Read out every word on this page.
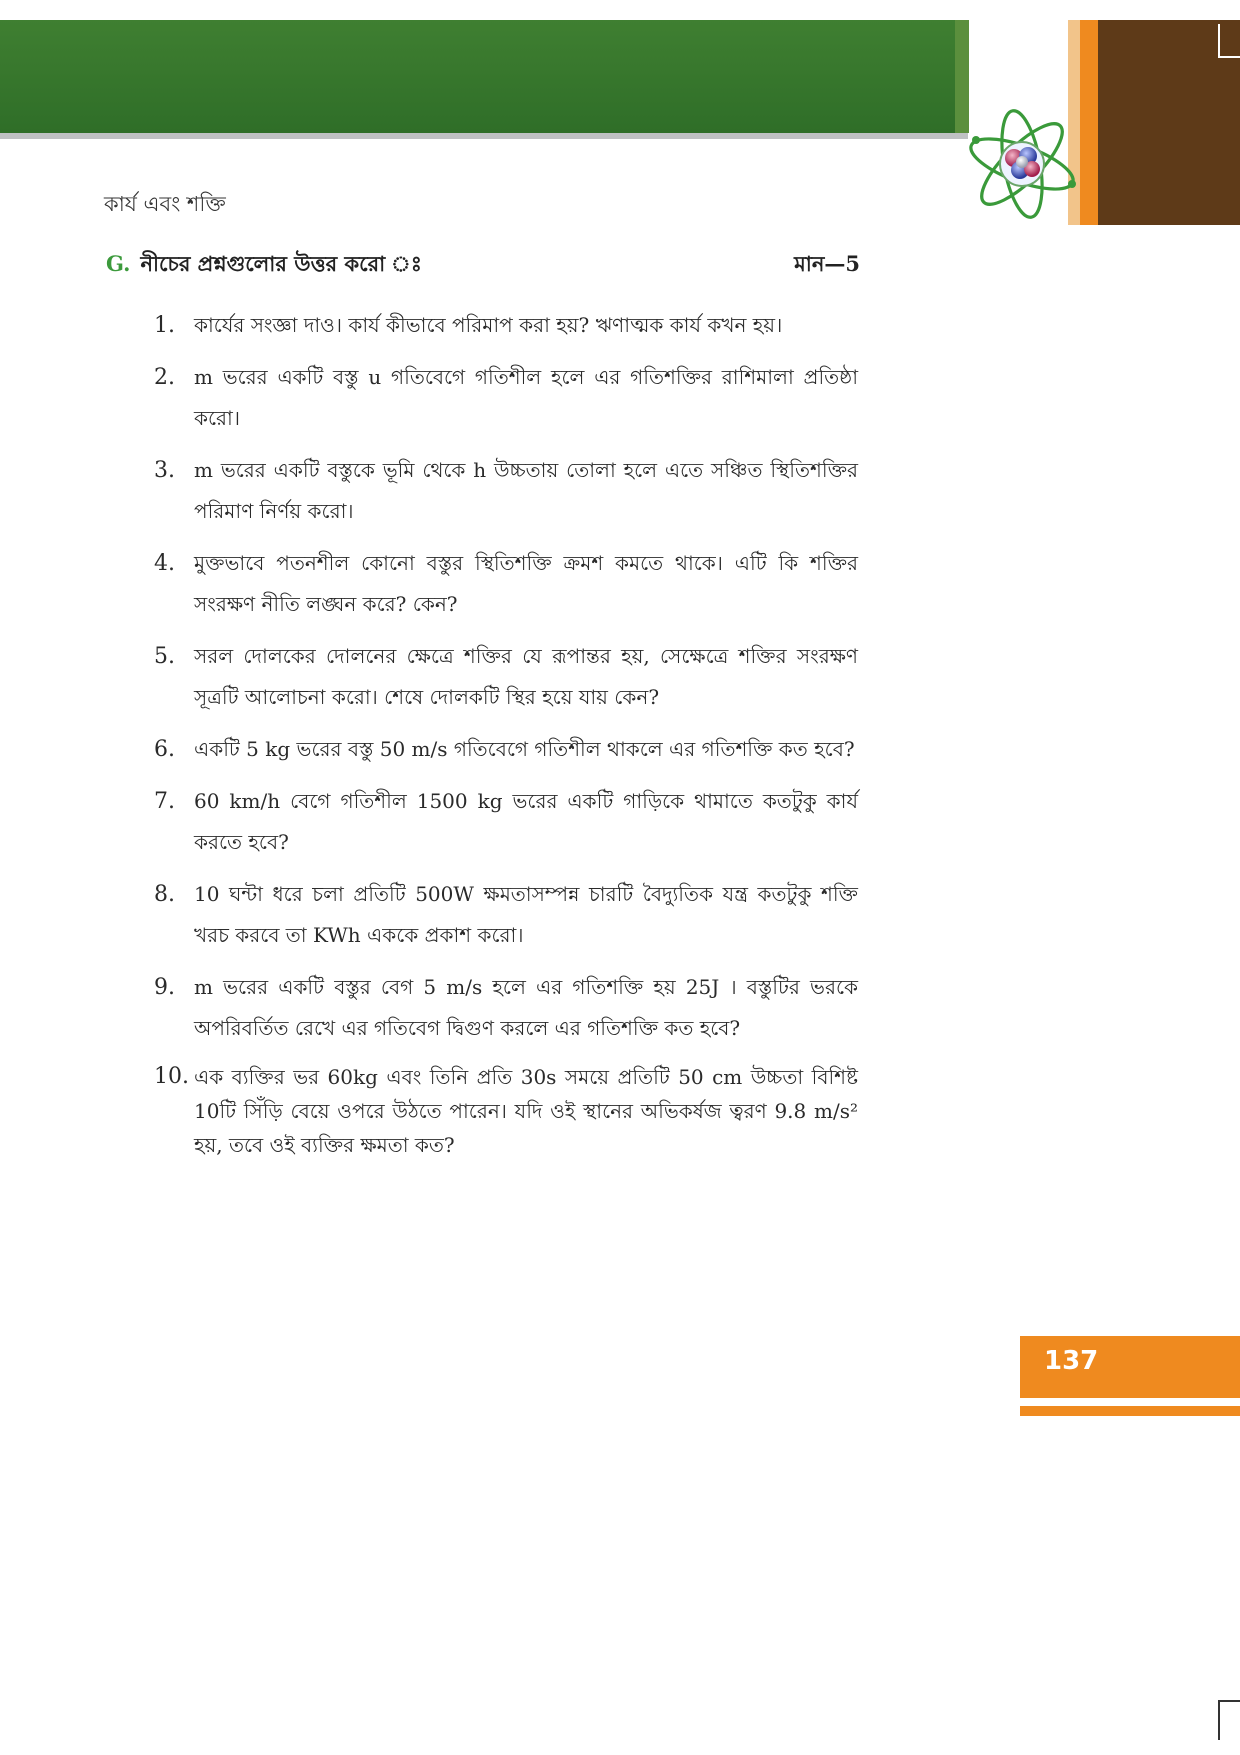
কার্য এবং শক্তি
G. নীচের প্রশ্নগুলোর উত্তর করো ঃ	মান—5
1. কার্যের সংজ্ঞা দাও। কার্য কীভাবে পরিমাপ করা হয়? ঋণাত্মক কার্য কখন হয়।
2. m ভরের একটি বস্তু u গতিবেগে গতিশীল হলে এর গতিশক্তির রাশিমালা প্রতিষ্ঠা করো।
3. m ভরের একটি বস্তুকে ভূমি থেকে h উচ্চতায় তোলা হলে এতে সঞ্চিত স্থিতিশক্তির পরিমাণ নির্ণয় করো।
4. মুক্তভাবে পতনশীল কোনো বস্তুর স্থিতিশক্তি ক্রমশ কমতে থাকে। এটি কি শক্তির সংরক্ষণ নীতি লঙ্ঘন করে? কেন?
5. সরল দোলকের দোলনের ক্ষেত্রে শক্তির যে রূপান্তর হয়, সেক্ষেত্রে শক্তির সংরক্ষণ সূত্রটি আলোচনা করো। শেষে দোলকটি স্থির হয়ে যায় কেন?
6. একটি 5 kg ভরের বস্তু 50 m/s গতিবেগে গতিশীল থাকলে এর গতিশক্তি কত হবে?
7. 60 km/h বেগে গতিশীল 1500 kg ভরের একটি গাড়িকে থামাতে কতটুকু কার্য করতে হবে?
8. 10 ঘন্টা ধরে চলা প্রতিটি 500W ক্ষমতাসম্পন্ন চারটি বৈদ্যুতিক যন্ত্র কতটুকু শক্তি খরচ করবে তা KWh এককে প্রকাশ করো।
9. m ভরের একটি বস্তুর বেগ 5 m/s হলে এর গতিশক্তি হয় 25J । বস্তুটির ভরকে অপরিবর্তিত রেখে এর গতিবেগ দ্বিগুণ করলে এর গতিশক্তি কত হবে?
10. এক ব্যক্তির ভর 60kg এবং তিনি প্রতি 30s সময়ে প্রতিটি 50 cm উচ্চতা বিশিষ্ট 10টি সিঁড়ি বেয়ে ওপরে উঠতে পারেন। যদি ওই স্থানের অভিকর্ষজ ত্বরণ 9.8 m/s² হয়, তবে ওই ব্যক্তির ক্ষমতা কত?
137
